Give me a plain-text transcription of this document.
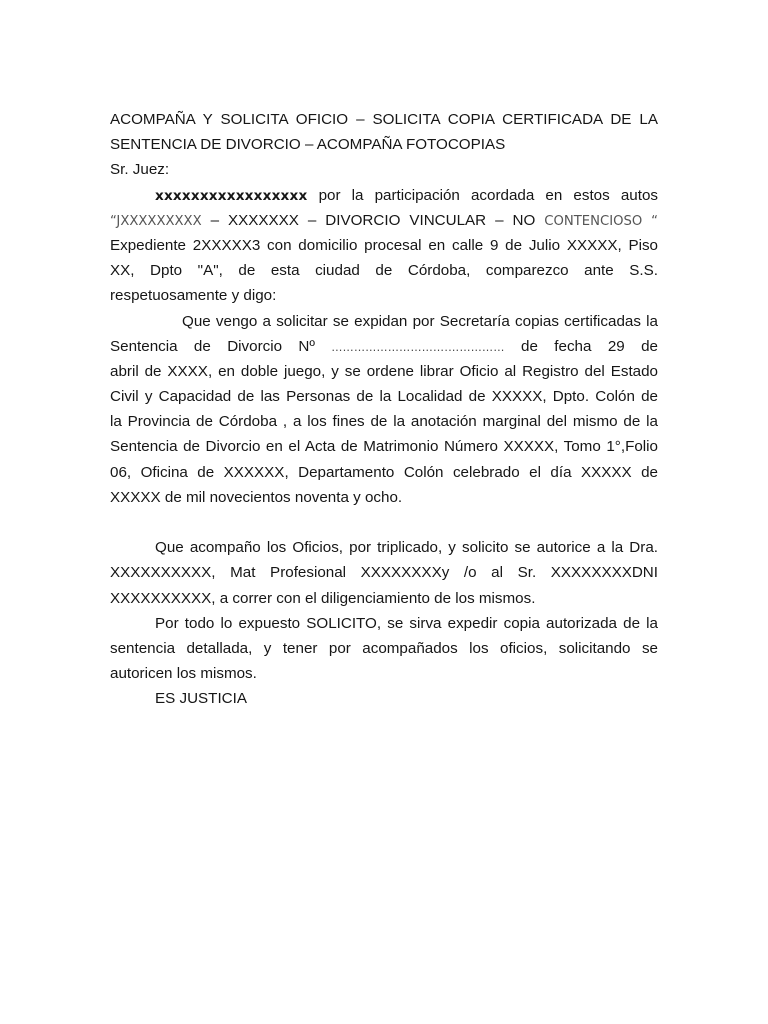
ACOMPAÑA Y SOLICITA OFICIO – SOLICITA COPIA CERTIFICADA DE LA
SENTENCIA DE DIVORCIO – ACOMPAÑA FOTOCOPIAS
Sr. Juez:
xxxxxxxxxxxxxxxxx por la participación acordada en estos autos
“JXXXXXXXXX – XXXXXXX – DIVORCIO VINCULAR – NO CONTENCIOSO “
Expediente 2XXXXX3 con domicilio procesal en calle 9 de Julio XXXXX, Piso
XX, Dpto "A", de esta ciudad de Córdoba, comparezco ante S.S.
respetuosamente y digo:
Que vengo a solicitar se expidan por Secretaría copias certificadas la
Sentencia de Divorcio Nº ………………………….…………… de fecha 29 de
abril de XXXX, en doble juego, y se ordene librar Oficio al Registro del Estado
Civil y Capacidad de las Personas de la Localidad de XXXXX, Dpto. Colón de
la Provincia de Córdoba , a los fines de la anotación marginal del mismo de la
Sentencia de Divorcio en el Acta de Matrimonio Número XXXXX, Tomo 1°,Folio
06, Oficina de XXXXXX, Departamento Colón celebrado el día XXXXX de
XXXXX de mil novecientos noventa y ocho.
Que acompaño los Oficios, por triplicado, y solicito se autorice a la Dra.
XXXXXXXXXX, Mat Profesional XXXXXXXXy /o al Sr. XXXXXXXXDNI
XXXXXXXXXX, a correr con el diligenciamiento de los mismos.
Por todo lo expuesto SOLICITO, se sirva expedir copia autorizada de la
sentencia detallada, y tener por acompañados los oficios, solicitando se
autoricen los mismos.
ES JUSTICIA
